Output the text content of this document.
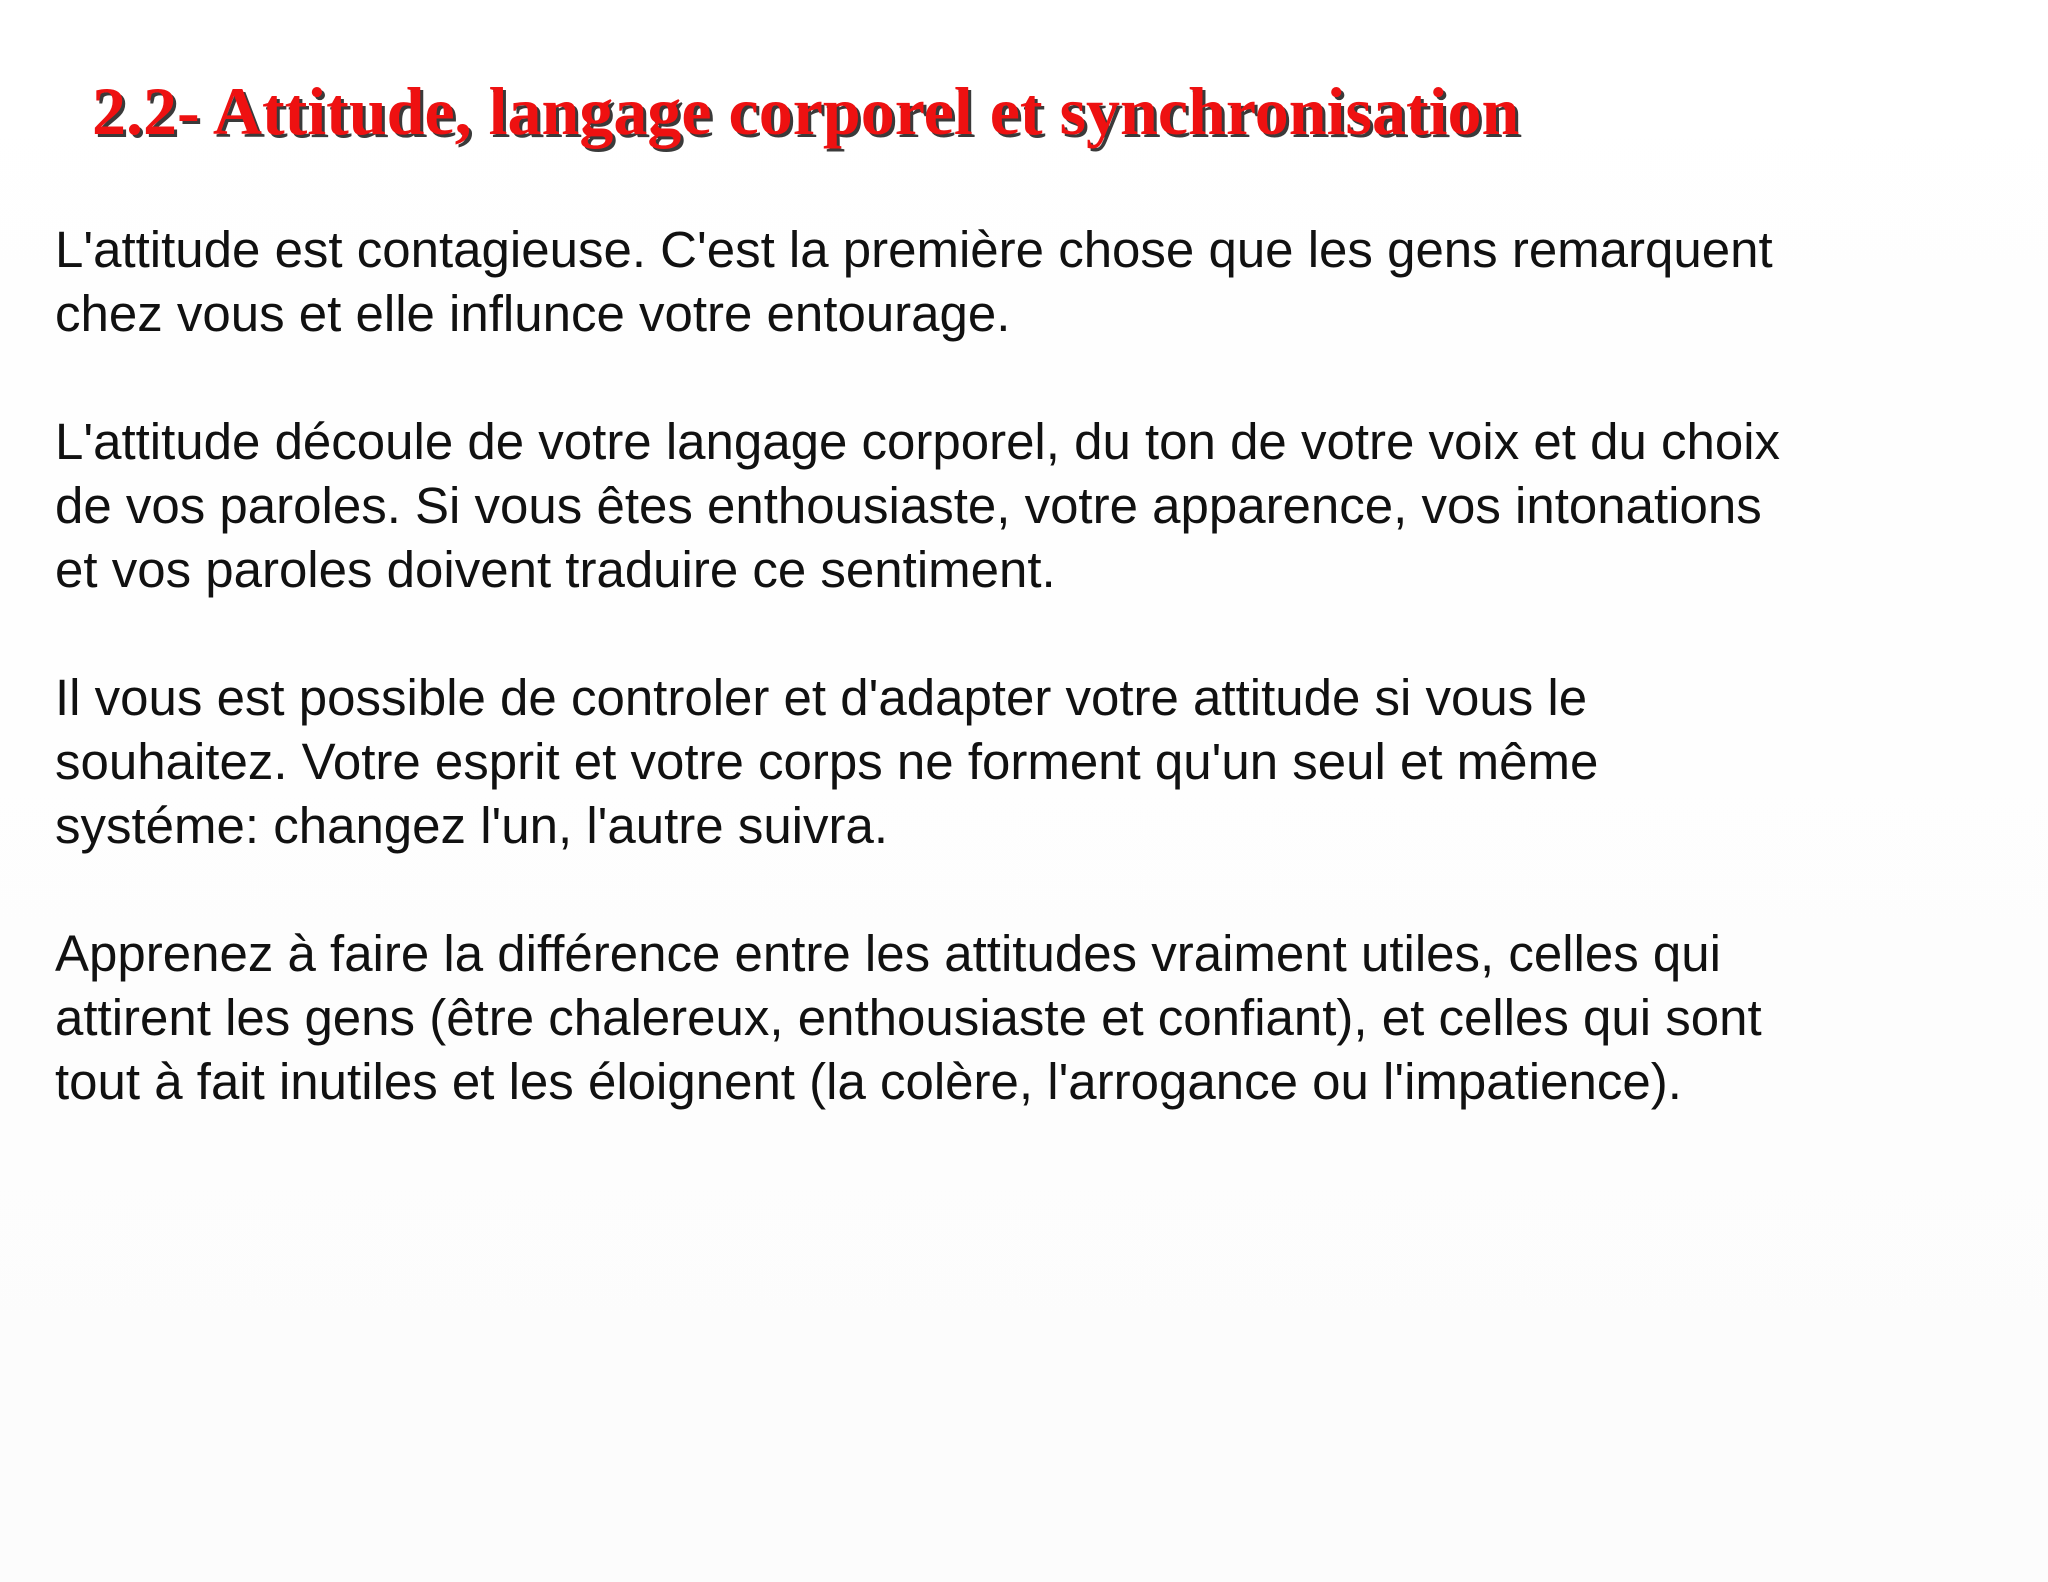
2.2- Attitude, langage corporel et synchronisation

L'attitude est contagieuse. C'est la première chose que les gens remarquent
chez vous et elle influnce votre entourage.

L'attitude découle de votre langage corporel, du ton de votre voix et du choix
de vos paroles. Si vous êtes enthousiaste, votre apparence, vos intonations
et vos paroles doivent traduire ce sentiment.

Il vous est possible de controler et d'adapter votre attitude si vous le
souhaitez. Votre esprit et votre corps ne forment qu'un seul et même
systéme: changez l'un, l'autre suivra.

Apprenez à faire la différence entre les attitudes vraiment utiles, celles qui
attirent les gens (être chalereux, enthousiaste et confiant), et celles qui sont
tout à fait inutiles et les éloignent (la colère, l'arrogance ou l'impatience).
